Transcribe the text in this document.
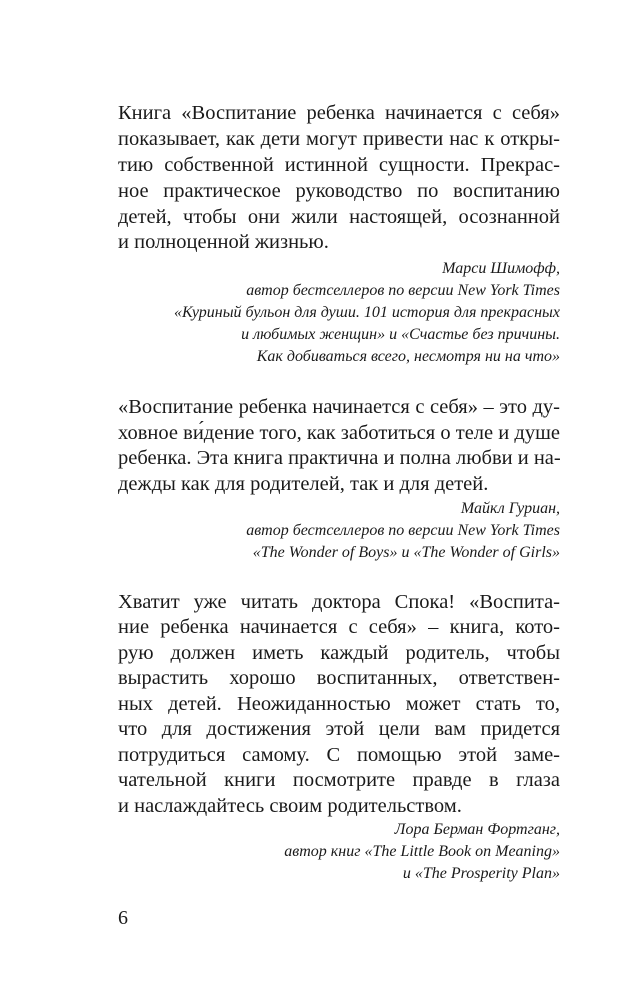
Книга «Воспитание ребенка начинается с себя»
показывает, как дети могут привести нас к откры-
тию собственной истинной сущности. Прекрас-
ное практическое руководство по воспитанию
детей, чтобы они жили настоящей, осознанной
и полноценной жизнью.
Марси Шимофф,
автор бестселлеров по версии New York Times
«Куриный бульон для души. 101 история для прекрасных
и любимых женщин» и «Счастье без причины.
Как добиваться всего, несмотря ни на что»
«Воспитание ребенка начинается с себя» – это ду-
ховное ви́дение того, как заботиться о теле и душе
ребенка. Эта книга практична и полна любви и на-
дежды как для родителей, так и для детей.
Майкл Гуриан,
автор бестселлеров по версии New York Times
«The Wonder of Boys» и «The Wonder of Girls»
Хватит уже читать доктора Спока! «Воспита-
ние ребенка начинается с себя» – книга, кото-
рую должен иметь каждый родитель, чтобы
вырастить хорошо воспитанных, ответствен-
ных детей. Неожиданностью может стать то,
что для достижения этой цели вам придется
потрудиться самому. С помощью этой заме-
чательной книги посмотрите правде в глаза
и наслаждайтесь своим родительством.
Лора Берман Фортганг,
автор книг «The Little Book on Meaning»
и «The Prosperity Plan»
6
